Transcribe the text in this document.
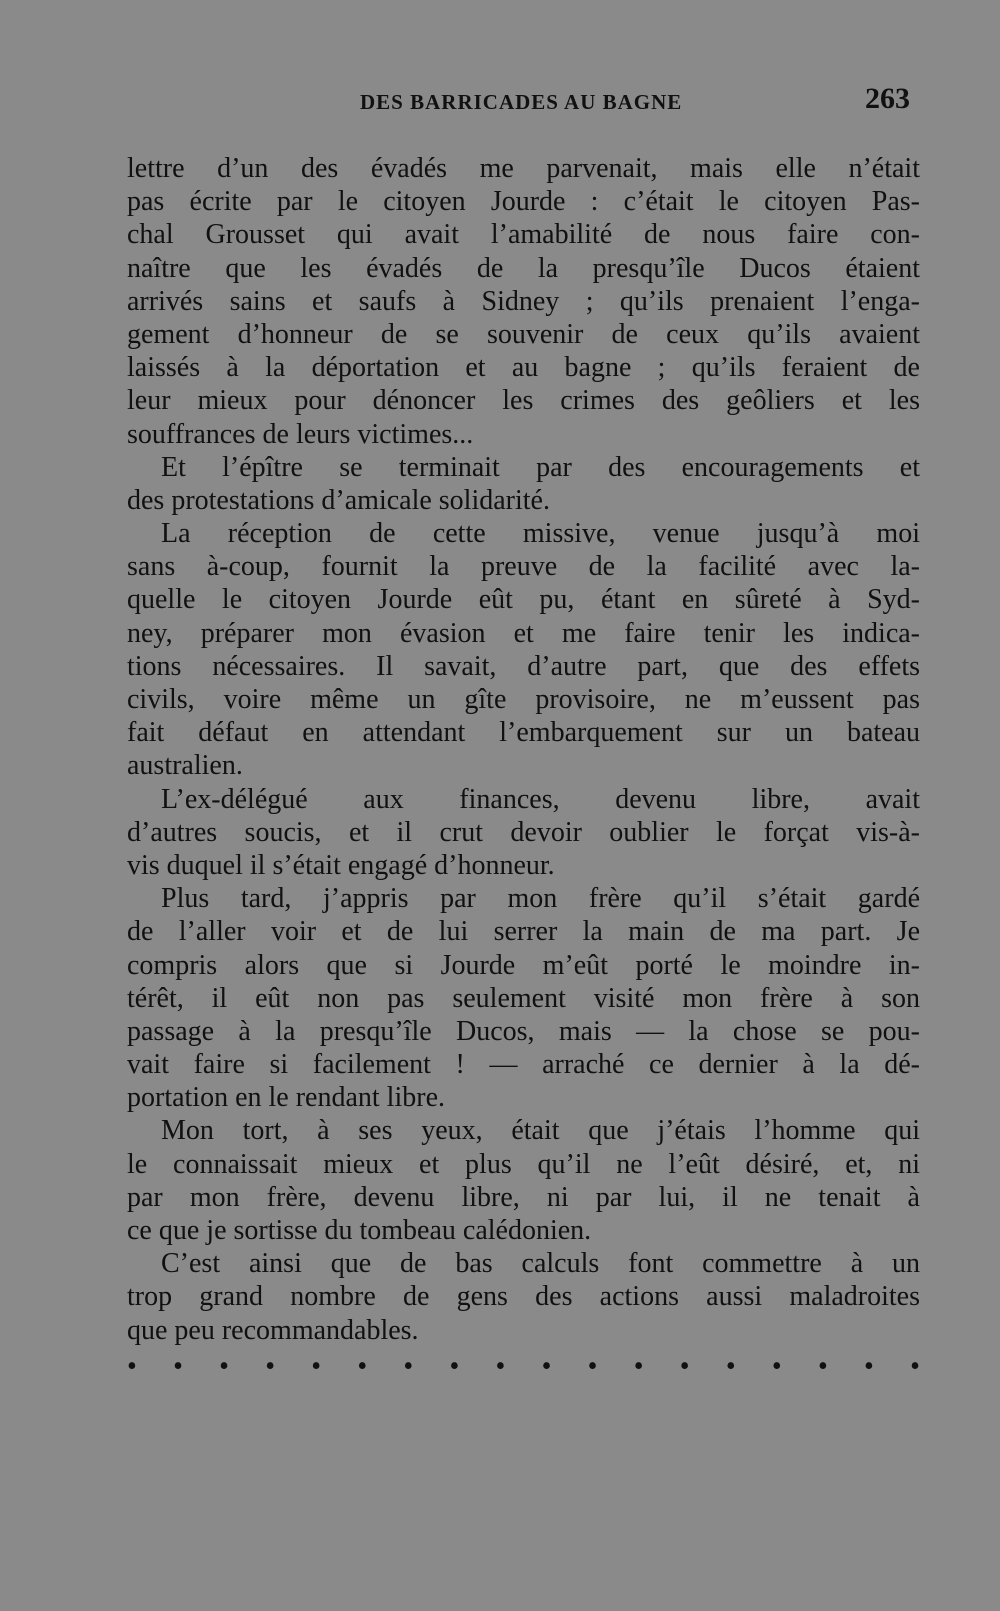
DES BARRICADES AU BAGNE	263
lettre d’un des évadés me parvenait, mais elle n’était
pas écrite par le citoyen Jourde : c’était le citoyen Pas-
chal Grousset qui avait l’amabilité de nous faire con-
naître que les évadés de la presqu’île Ducos étaient
arrivés sains et saufs à Sidney ; qu’ils prenaient l’enga-
gement d’honneur de se souvenir de ceux qu’ils avaient
laissés à la déportation et au bagne ; qu’ils feraient de
leur mieux pour dénoncer les crimes des geôliers et les
souffrances de leurs victimes...
Et l’épître se terminait par des encouragements et
des protestations d’amicale solidarité.
La réception de cette missive, venue jusqu’à moi
sans à-coup, fournit la preuve de la facilité avec la-
quelle le citoyen Jourde eût pu, étant en sûreté à Syd-
ney, préparer mon évasion et me faire tenir les indica-
tions nécessaires. Il savait, d’autre part, que des effets
civils, voire même un gîte provisoire, ne m’eussent pas
fait défaut en attendant l’embarquement sur un bateau
australien.
L’ex-délégué aux finances, devenu libre, avait
d’autres soucis, et il crut devoir oublier le forçat vis-à-
vis duquel il s’était engagé d’honneur.
Plus tard, j’appris par mon frère qu’il s’était gardé
de l’aller voir et de lui serrer la main de ma part. Je
compris alors que si Jourde m’eût porté le moindre in-
térêt, il eût non pas seulement visité mon frère à son
passage à la presqu’île Ducos, mais — la chose se pou-
vait faire si facilement ! — arraché ce dernier à la dé-
portation en le rendant libre.
Mon tort, à ses yeux, était que j’étais l’homme qui
le connaissait mieux et plus qu’il ne l’eût désiré, et, ni
par mon frère, devenu libre, ni par lui, il ne tenait à
ce que je sortisse du tombeau calédonien.
C’est ainsi que de bas calculs font commettre à un
trop grand nombre de gens des actions aussi maladroites
que peu recommandables.
• • • • • • • • • • • • • • • • • •
